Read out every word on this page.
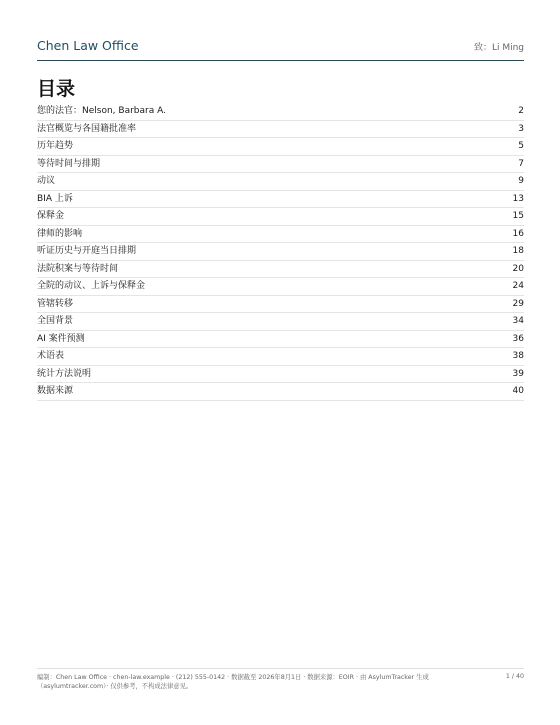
Chen Law Office	致：Li Ming
目录
您的法官：Nelson, Barbara A.	2
法官概览与各国籍批准率	3
历年趋势	5
等待时间与排期	7
动议	9
BIA 上诉	13
保释金	15
律师的影响	16
听证历史与开庭当日排期	18
法院积案与等待时间	20
全院的动议、上诉与保释金	24
管辖转移	29
全国背景	34
AI 案件预测	36
术语表	38
统计方法说明	39
数据来源	40
编制：Chen Law Office · chen-law.example · (212) 555-0142 · 数据截至 2026年8月1日 · 数据来源：EOIR · 由 AsylumTracker 生成（asylumtracker.com）· 仅供参考，不构成法律意见。
1 / 40
